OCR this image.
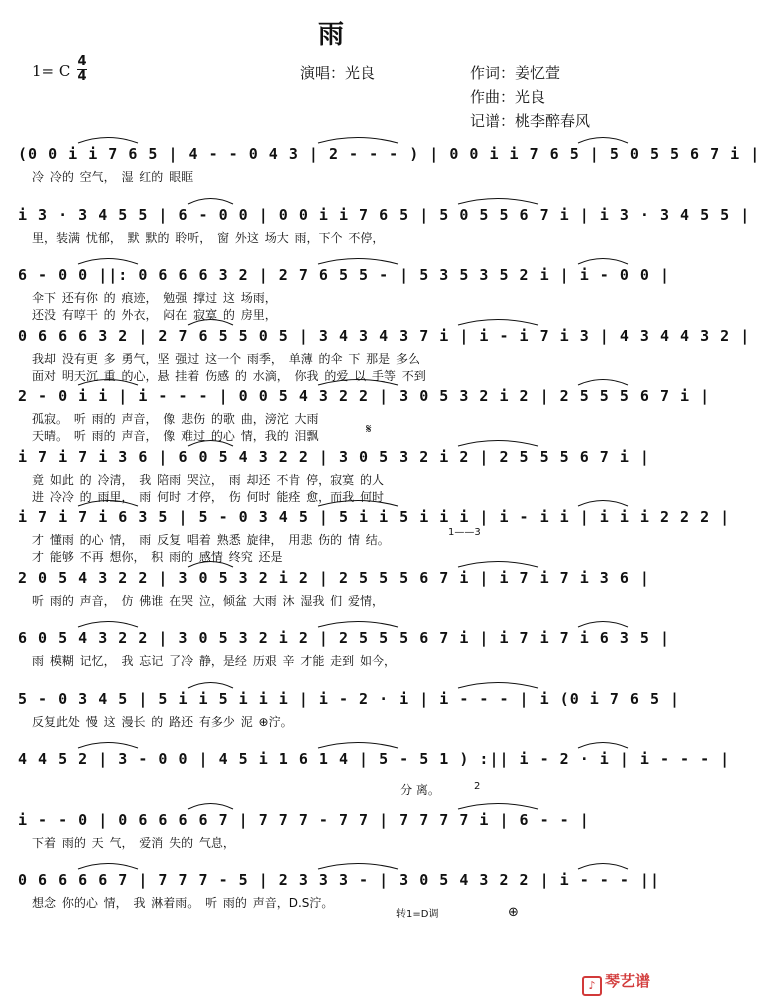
雨
1= C
4
4	演唱：光良	作词：姜忆萱
作曲：光良
记谱：桃李醉春风
(0 0 i i 7 6 5 | 4 - - 0 4 3 | 2 - - - ) | 0 0 i i 7 6 5 | 5 0 5 5 6 7 i |
冷 冷的 空气， 湿 红的 眼眶
i 3 · 3 4 5 5 | 6 - 0 0 | 0 0 i i 7 6 5 | 5 0 5 5 6 7 i | i 3 · 3 4 5 5 |
里，装满 忧郁， 默 默的 聆听， 窗 外这 场大 雨，下个 不停，
6 - 0 0 ||: 0 6 6 6 3 2 | 2 7 6 5 5 - | 5 3 5 3 5 2 i | i - 0 0 |
伞下 还有你 的 痕迹， 勉强 撑过 这 场雨，
还没 有啍干 的 外衣， 闷在 寂寞 的 房里，
0 6 6 6 3 2 | 2 7 6 5 5 0 5 | 3 4 3 4 3 7 i | i - i 7 i 3 | 4 3 4 4 3 2 |
我却 没有更 多 勇气，坚 强过 这一个 雨季， 单薄 的伞 下 那是 多么
面对 明天沉 重 的心，悬 挂着 伤感 的 水滴， 你我 的爱 以 手等 不到
2 - 0 i i | i - - - | 0 0 5 4 3 2 2 | 3 0 5 3 2 i 2 | 2 5 5 5 6 7 i |
孤寂。 听 雨的 声音， 像 悲伤 的歌 曲，滂沱 大雨
天晴。 听 雨的 声音， 像 难过 的心 情，我的 泪飘
i 7 i 7 i 3 6 | 6 0 5 4 3 2 2 | 3 0 5 3 2 i 2 | 2 5 5 5 6 7 i |
竟 如此 的 冷清， 我 陪雨 哭泣， 雨 却还 不肯 停，寂寞 的人
进 冷冷 的 雨里， 雨 何时 才停， 伤 何时 能痊 愈，而我 何时
i 7 i 7 i 6 3 5 | 5 - 0 3 4 5 | 5 i i 5 i i i | i - i i | i i i 2 2 2 |
才 懂雨 的心 情， 雨 反复 唱着 熟悉 旋律， 用悲 伤的 情 结。
才 能够 不再 想你， 积 雨的 感情 终究 还是
2 0 5 4 3 2 2 | 3 0 5 3 2 i 2 | 2 5 5 5 6 7 i | i 7 i 7 i 3 6 |
听 雨的 声音， 仿 佛谁 在哭 泣，倾盆 大雨 沐 湿我 们 爱情，
6 0 5 4 3 2 2 | 3 0 5 3 2 i 2 | 2 5 5 5 6 7 i | i 7 i 7 i 6 3 5 |
雨 模糊 记忆， 我 忘记 了冷 静，是经 历艰 辛 才能 走到 如今，
5 - 0 3 4 5 | 5 i i 5 i i i | i - 2 · i | i - - - | i (0 i 7 6 5 |
反复此处 慢 这 漫长 的 路还 有多少 泥 ⊕泞。
4 4 5 2 | 3 - 0 0 | 4 5 i 1 6 1 4 | 5 - 5 1 ) :|| i - 2 · i | i - - - |
分 离。
i - - 0 | 0 6 6 6 6 7 | 7 7 7 - 7 7 | 7 7 7 7 i | 6 - - |
下着 雨的 天 气， 爱消 失的 气息，
0 6 6 6 6 7 | 7 7 7 - 5 | 2 3 3 3 - | 3 0 5 4 3 2 2 | i - - - ||
想念 你的心 情， 我 淋着雨。 听 雨的 声音，D.S泞。
1——3
2
转1=D调
𝄋
⊕
♪ 琴艺谱
